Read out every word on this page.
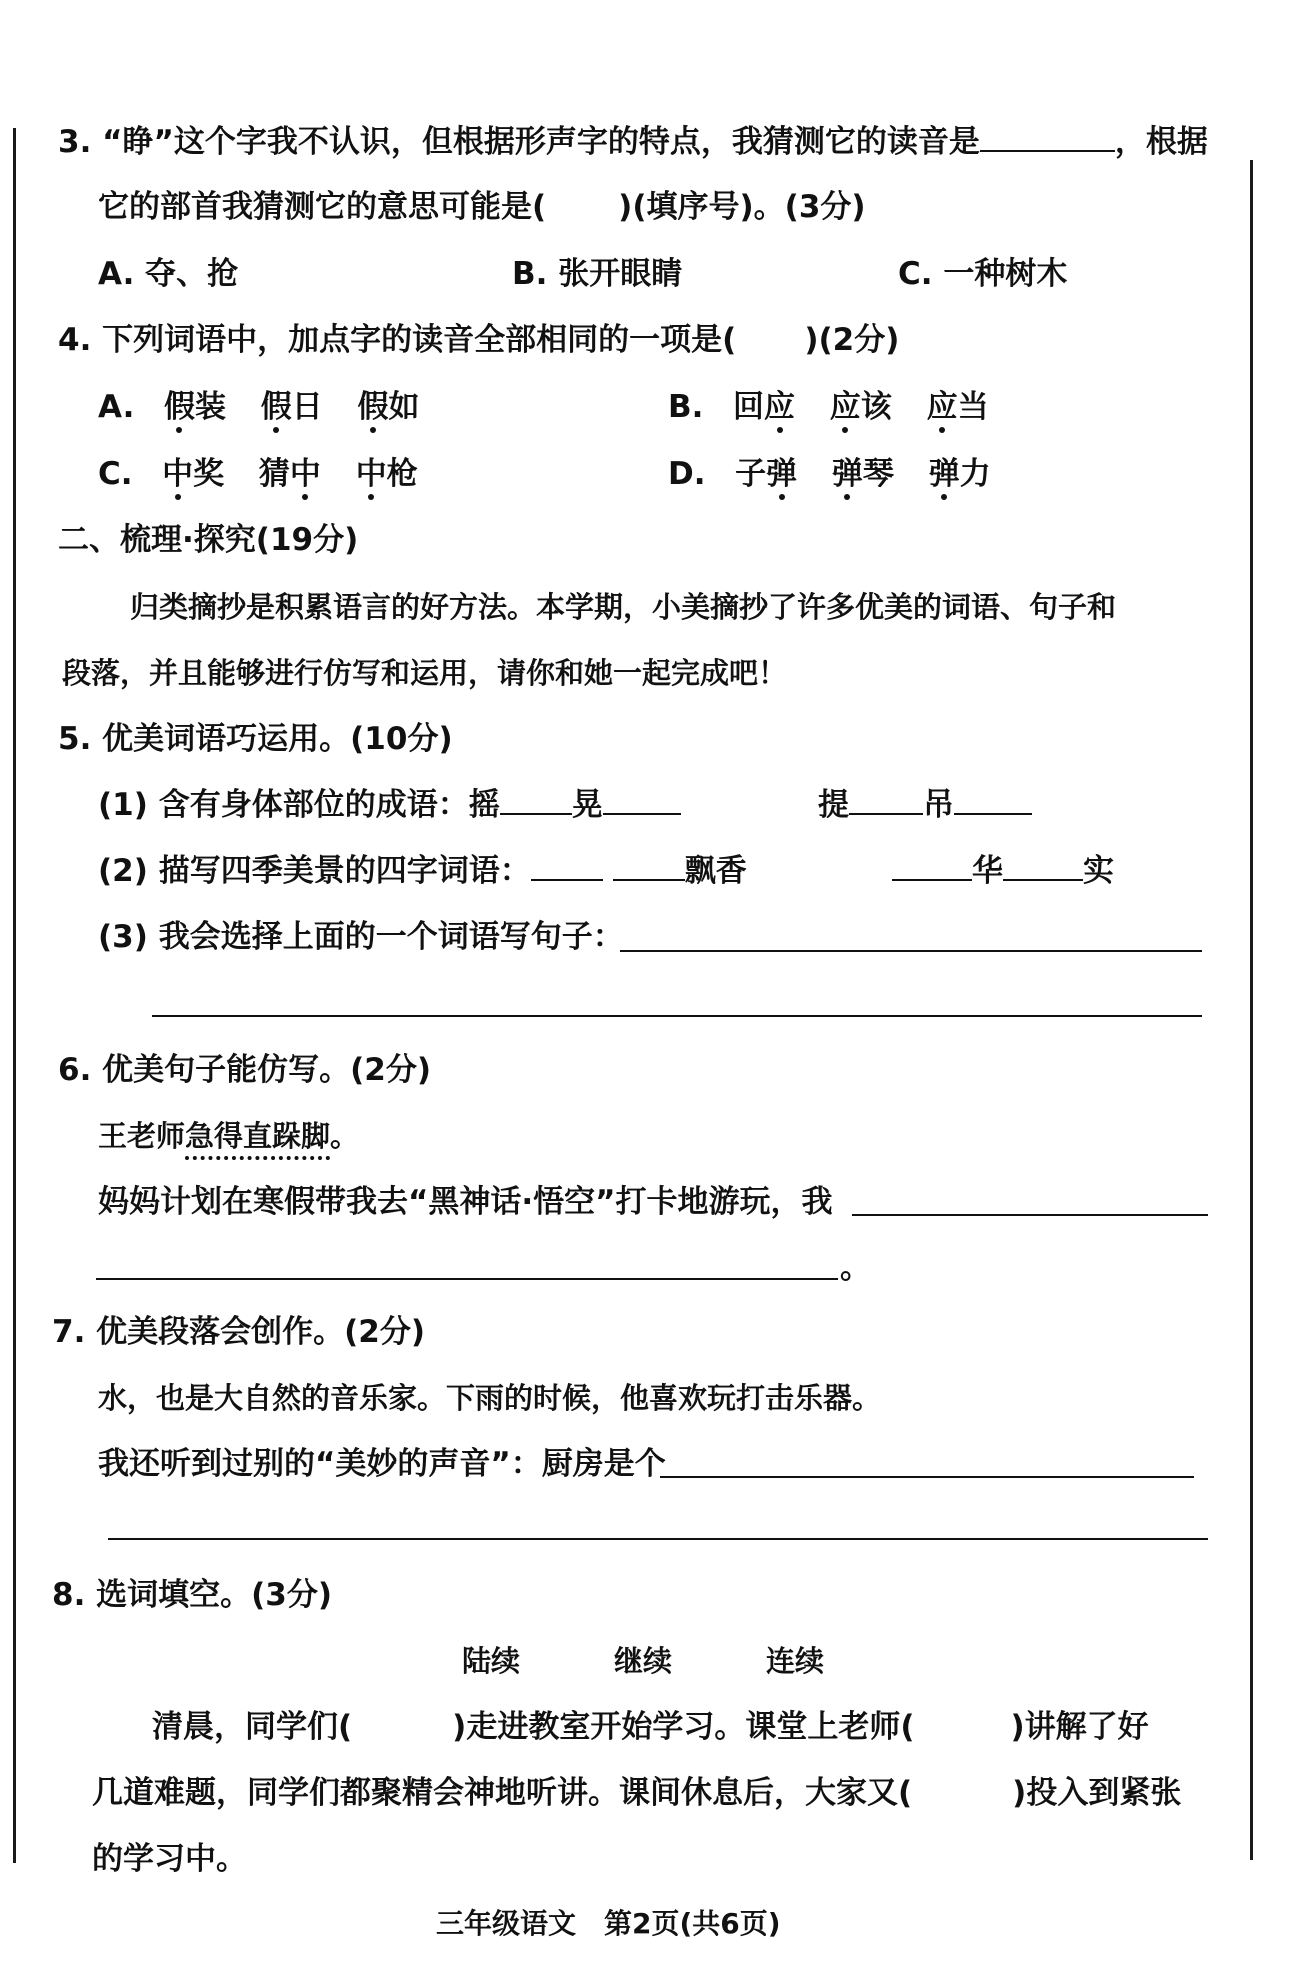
3. “睁”这个字我不认识，但根据形声字的特点，我猜测它的读音是	，根据
它的部首我猜测它的意思可能是( )(填序号)。(3分)
A. 夺、抢	B. 张开眼睛	C. 一种树木
4. 下列词语中，加点字的读音全部相同的一项是( )(2分)
A. 假装 假日 假如	B. 回应 应该 应当
C. 中奖 猜中 中枪	D. 子弹 弹琴 弹力
二、梳理·探究(19分)
归类摘抄是积累语言的好方法。本学期，小美摘抄了许多优美的词语、句子和
段落，并且能够进行仿写和运用，请你和她一起完成吧！
5. 优美词语巧运用。(10分)
(1) 含有身体部位的成语：摇 晃	提 吊
(2) 描写四季美景的四字词语：	飘香	华	实
(3) 我会选择上面的一个词语写句子：
6. 优美句子能仿写。(2分)
王老师急得直跺脚。
妈妈计划在寒假带我去“黑神话·悟空”打卡地游玩，我
。
7. 优美段落会创作。(2分)
水，也是大自然的音乐家。下雨的时候，他喜欢玩打击乐器。
我还听到过别的“美妙的声音”：厨房是个
8. 选词填空。(3分)
陆续	继续	连续
清晨，同学们(	)走进教室开始学习。课堂上老师(	)讲解了好
几道难题，同学们都聚精会神地听讲。课间休息后，大家又(	)投入到紧张
的学习中。
三年级语文　第2页(共6页)
